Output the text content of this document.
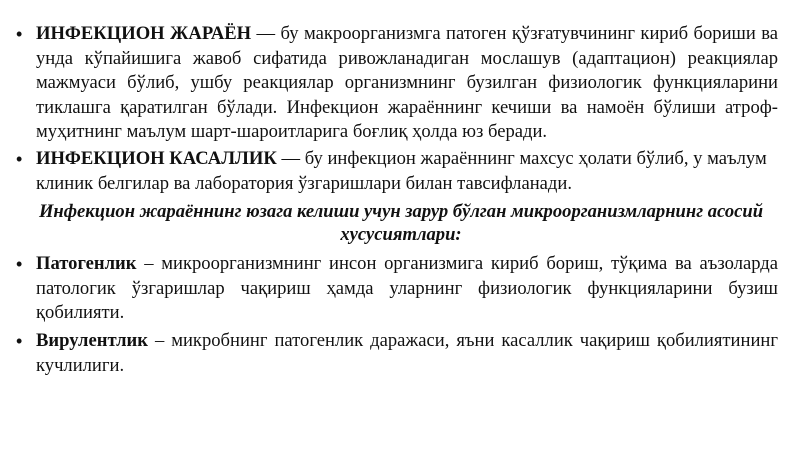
• ИНФЕКЦИОН ЖАРАЁН — бу макроорганизмга патоген қўзғатувчининг кириб бориши ва унда кўпайишига жавоб сифатида ривожланадиган мослашув (адаптацион) реакциялар мажмуаси бўлиб, ушбу реакциялар организмнинг бузилган физиологик функцияларини тиклашга қаратилган бўлади. Инфекцион жараённинг кечиши ва намоён бўлиши атроф-муҳитнинг маълум шарт-шароитларига боғлиқ ҳолда юз беради.
• ИНФЕКЦИОН КАСАЛЛИК — бу инфекцион жараённинг махсус ҳолати бўлиб, у маълум клиник белгилар ва лаборатория ўзгаришлари билан тавсифланади.
Инфекцион жараённинг юзага келиши учун зарур бўлган микроорганизмларнинг асосий хусусиятлари:
• Патогенлик – микроорганизмнинг инсон организмига кириб бориш, тўқима ва аъзоларда патологик ўзгаришлар чақириш ҳамда уларнинг физиологик функцияларини бузиш қобилияти.
• Вирулентлик – микробнинг патогенлик даражаси, яъни касаллик чақириш қобилиятининг кучлилиги.
